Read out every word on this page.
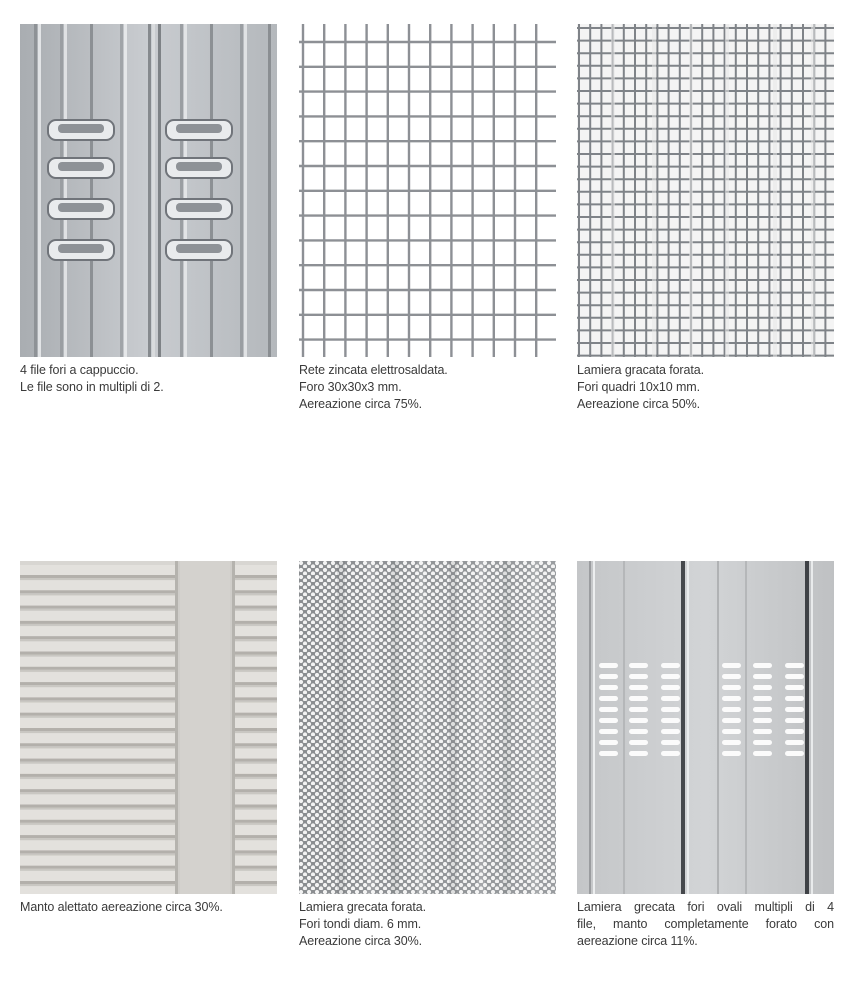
4 file fori a cappuccio.
Le file sono in multipli di 2.
Rete zincata elettrosaldata.
Foro 30x30x3 mm.
Aereazione circa 75%.
Lamiera gracata forata.
Fori quadri 10x10 mm.
Aereazione circa 50%.
Manto alettato aereazione circa 30%.	Lamiera grecata forata.
Fori tondi diam. 6 mm.
Aereazione circa 30%.
Lamiera grecata fori ovali multipli di 4
file, manto completamente forato con
aereazione circa 11%.
